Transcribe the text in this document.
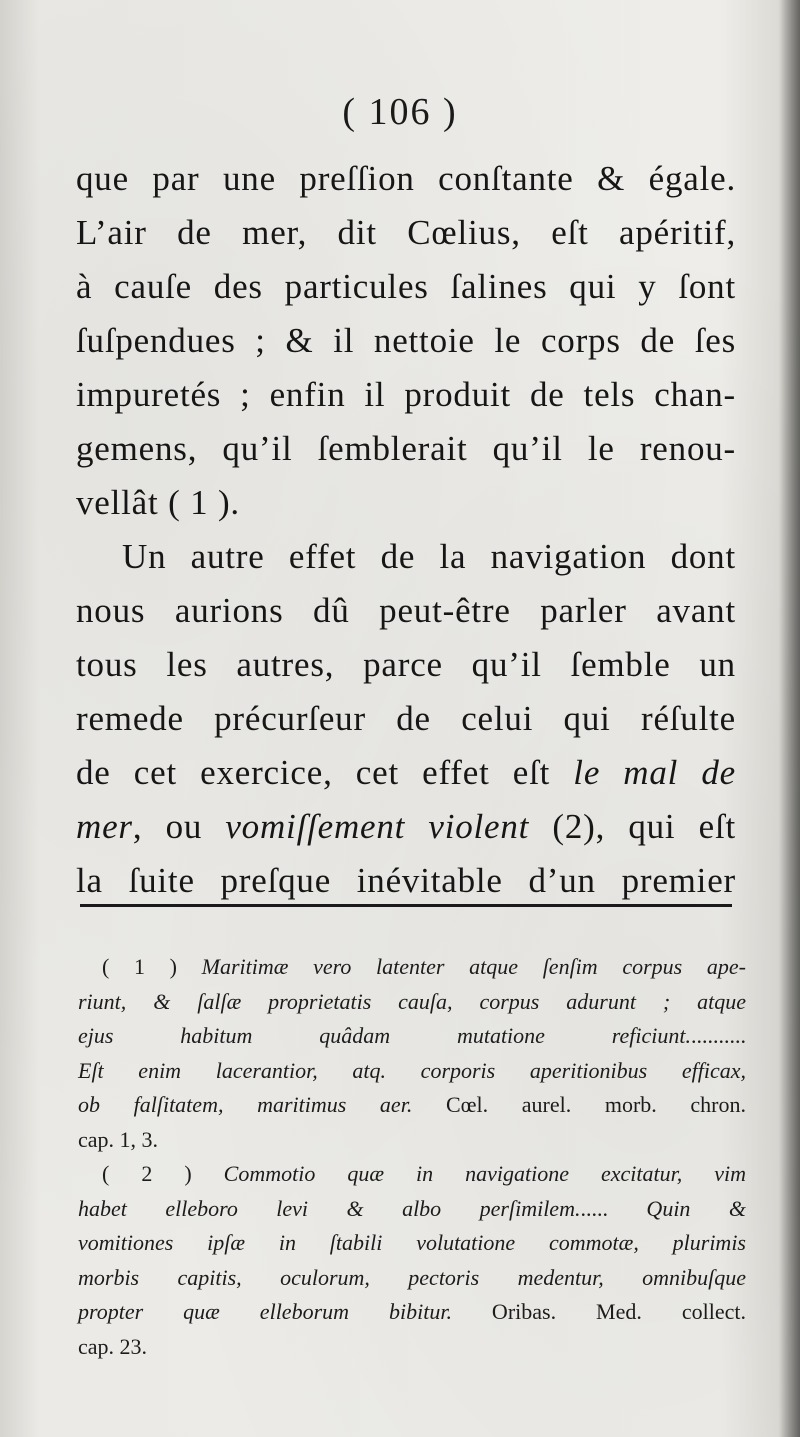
( 106 )
que par une preſſion conſtante & égale.
L’air de mer, dit Cœlius, eſt apéritif,
à cauſe des particules ſalines qui y ſont
ſuſpendues ; & il nettoie le corps de ſes
impuretés ; enfin il produit de tels chan-
gemens, qu’il ſemblerait qu’il le renou-
vellât ( 1 ).
Un autre effet de la navigation dont
nous aurions dû peut-être parler avant
tous les autres, parce qu’il ſemble un
remede précurſeur de celui qui réſulte
de cet exercice, cet effet eſt le mal de
mer, ou vomiſſement violent (2), qui eſt
la ſuite preſque inévitable d’un premier
( 1 ) Maritimæ vero latenter atque ſenſim corpus ape-
riunt, & ſalſæ proprietatis cauſa, corpus adurunt ; atque
ejus habitum quâdam mutatione reficiunt...........
Eſt enim lacerantior, atq. corporis aperitionibus efficax,
ob falſitatem, maritimus aer. Cœl. aurel. morb. chron.
cap. 1, 3.
( 2 ) Commotio quæ in navigatione excitatur, vim
habet elleboro levi & albo perſimilem...... Quin &
vomitiones ipſæ in ſtabili volutatione commotæ, plurimis
morbis capitis, oculorum, pectoris medentur, omnibuſque
propter quæ elleborum bibitur. Oribas. Med. collect.
cap. 23.
